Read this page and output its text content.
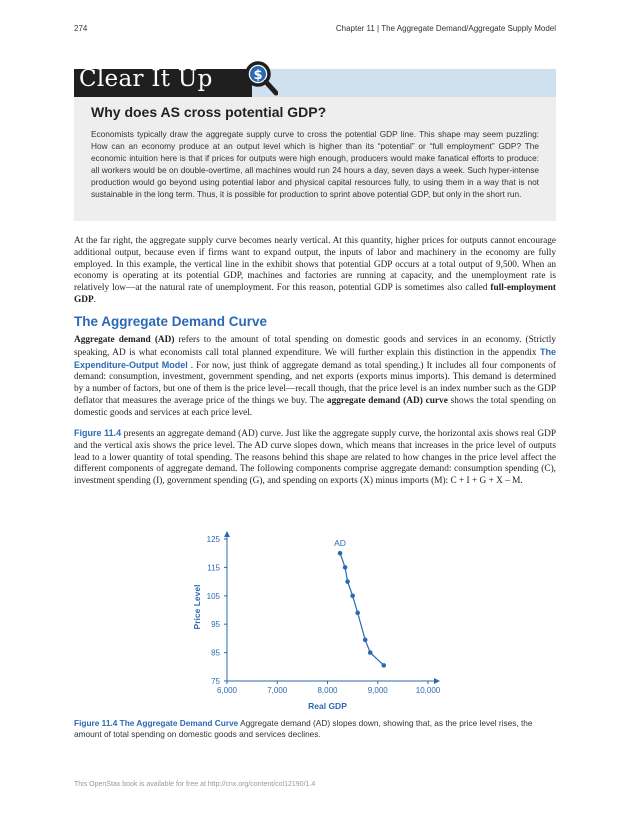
274	Chapter 11 | The Aggregate Demand/Aggregate Supply Model
Clear It Up	$
Why does AS cross potential GDP?

Economists typically draw the aggregate supply curve to cross the potential GDP line. This shape may seem puzzling: How can an economy produce at an output level which is higher than its “potential” or “full employment” GDP? The economic intuition here is that if prices for outputs were high enough, producers would make fanatical efforts to produce: all workers would be on double-overtime, all machines would run 24 hours a day, seven days a week. Such hyper-intense production would go beyond using potential labor and physical capital resources fully, to using them in a way that is not sustainable in the long term. Thus, it is possible for production to sprint above potential GDP, but only in the short run.

At the far right, the aggregate supply curve becomes nearly vertical. At this quantity, higher prices for outputs cannot encourage additional output, because even if firms want to expand output, the inputs of labor and machinery in the economy are fully employed. In this example, the vertical line in the exhibit shows that potential GDP occurs at a total output of 9,500. When an economy is operating at its potential GDP, machines and factories are running at capacity, and the unemployment rate is relatively low—at the natural rate of unemployment. For this reason, potential GDP is sometimes also called full-employment GDP.

The Aggregate Demand Curve

Aggregate demand (AD) refers to the amount of total spending on domestic goods and services in an economy. (Strictly speaking, AD is what economists call total planned expenditure. We will further explain this distinction in the appendix The Expenditure-Output Model . For now, just think of aggregate demand as total spending.) It includes all four components of demand: consumption, investment, government spending, and net exports (exports minus imports). This demand is determined by a number of factors, but one of them is the price level—recall though, that the price level is an index number such as the GDP deflator that measures the average price of the things we buy. The aggregate demand (AD) curve shows the total spending on domestic goods and services at each price level.

Figure 11.4 presents an aggregate demand (AD) curve. Just like the aggregate supply curve, the horizontal axis shows real GDP and the vertical axis shows the price level. The AD curve slopes down, which means that increases in the price level of outputs lead to a lower quantity of total spending. The reasons behind this shape are related to how changes in the price level affect the different components of aggregate demand. The following components comprise aggregate demand: consumption spending (C), investment spending (I), government spending (G), and spending on exports (X) minus imports (M): C + I + G + X – M.

75
85
95
105
115
125
6,000	7,000	8,000	9,000	10,000
Real GDP
Price Level
AD

Figure 11.4 The Aggregate Demand Curve Aggregate demand (AD) slopes down, showing that, as the price level rises, the amount of total spending on domestic goods and services declines.

This OpenStax book is available for free at http://cnx.org/content/col12190/1.4
